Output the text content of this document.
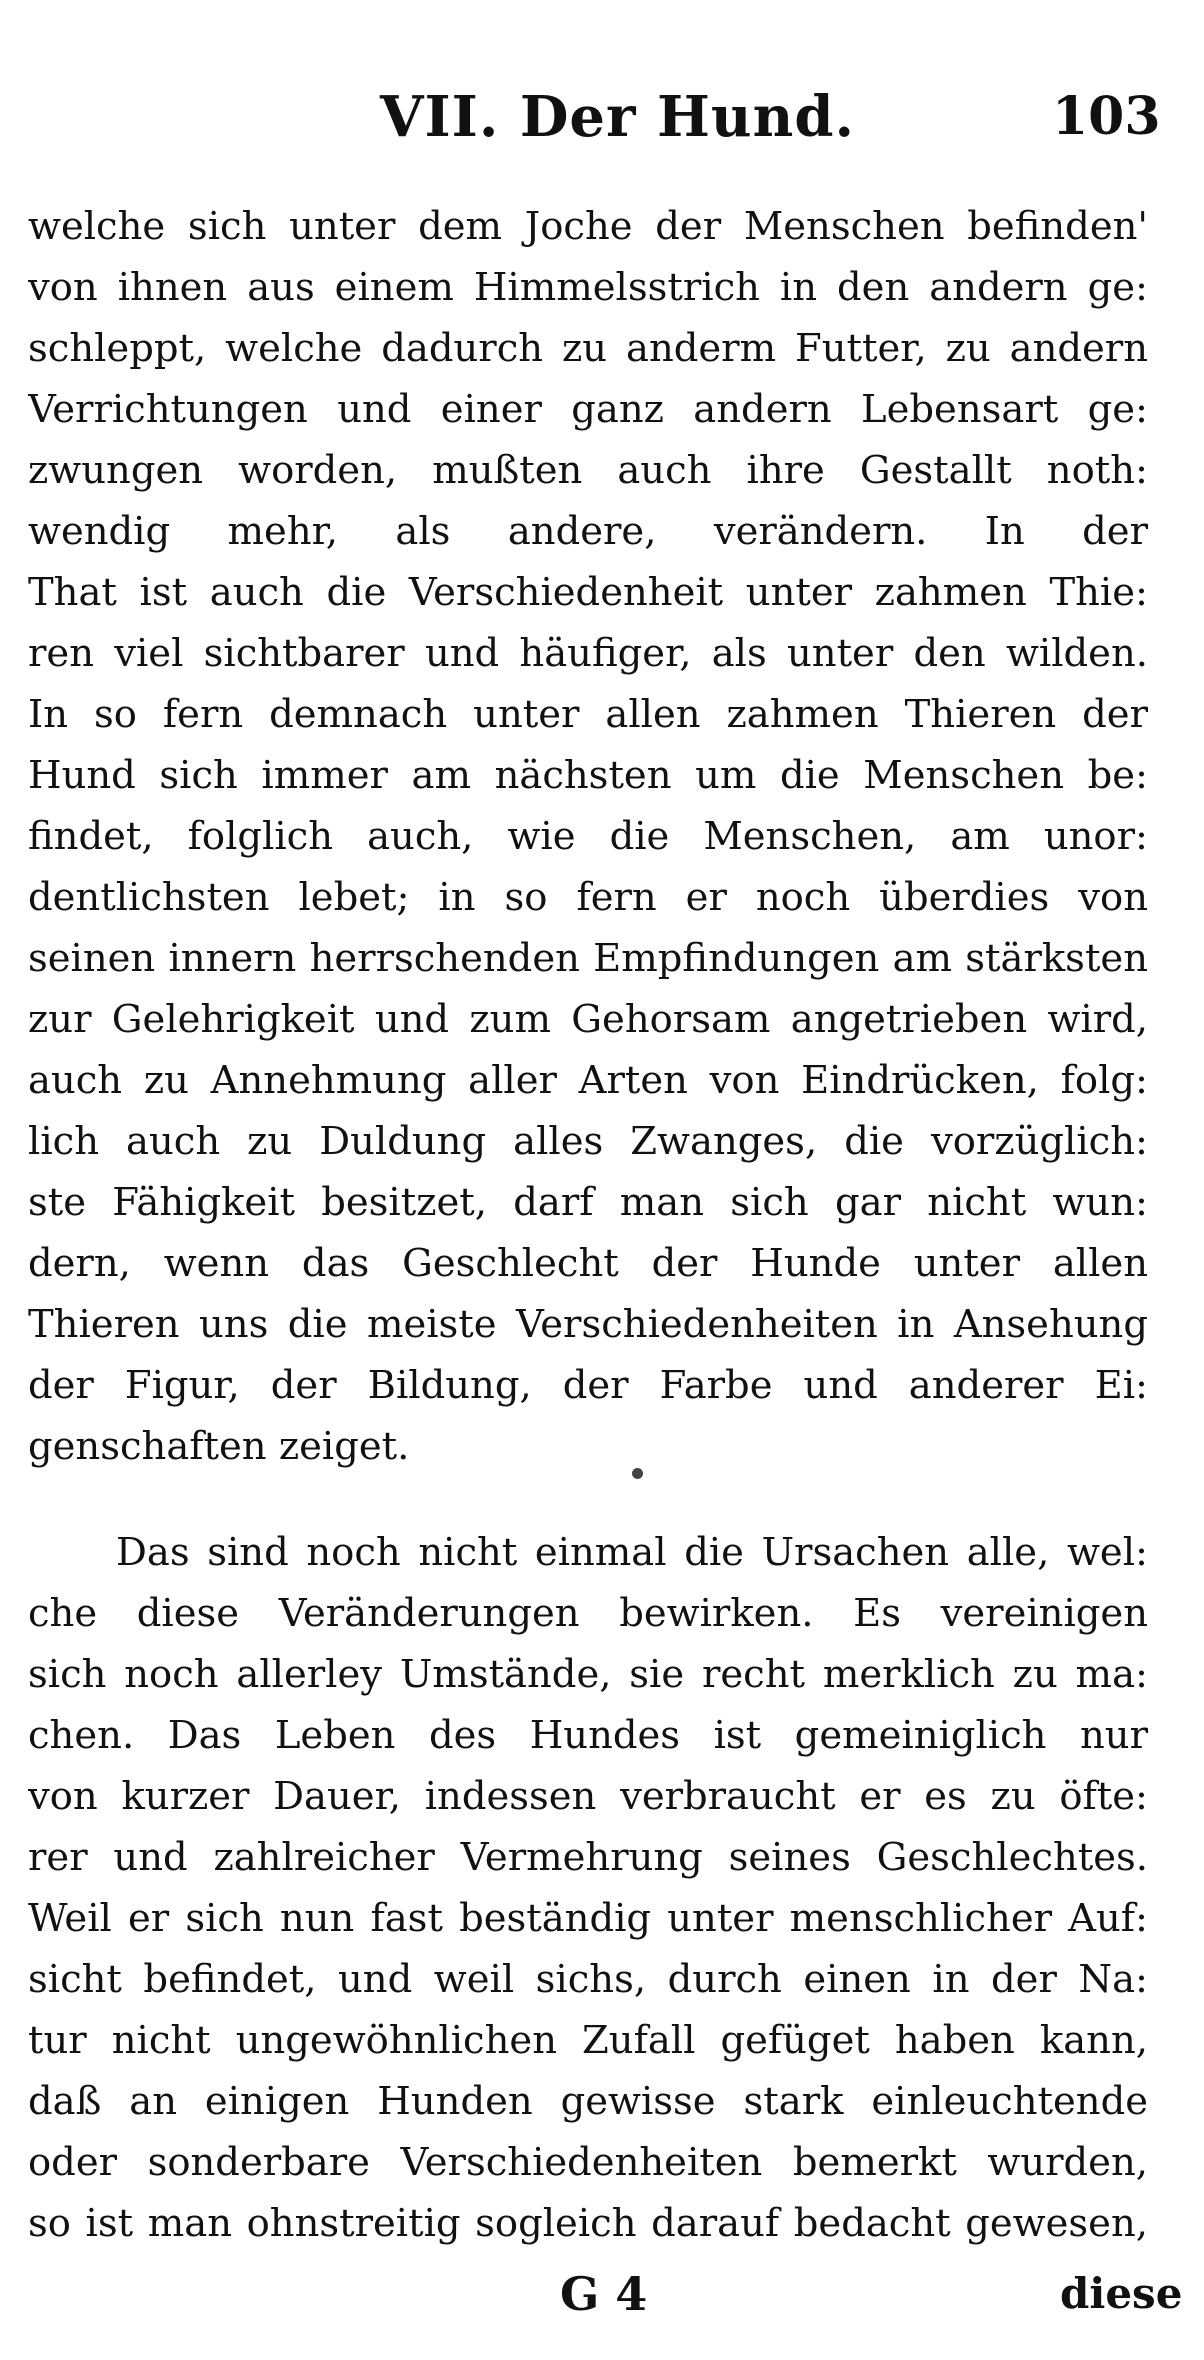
VII. Der Hund.	103
welche sich unter dem Joche der Menschen befinden'
von ihnen aus einem Himmelsstrich in den andern ge:
schleppt, welche dadurch zu anderm Futter, zu andern
Verrichtungen und einer ganz andern Lebensart ge:
zwungen worden, mußten auch ihre Gestallt noth:
wendig mehr, als andere, verändern. In der
That ist auch die Verschiedenheit unter zahmen Thie:
ren viel sichtbarer und häufiger, als unter den wilden.
In so fern demnach unter allen zahmen Thieren der
Hund sich immer am nächsten um die Menschen be:
findet, folglich auch, wie die Menschen, am unor:
dentlichsten lebet; in so fern er noch überdies von
seinen innern herrschenden Empfindungen am stärksten
zur Gelehrigkeit und zum Gehorsam angetrieben wird,
auch zu Annehmung aller Arten von Eindrücken, folg:
lich auch zu Duldung alles Zwanges, die vorzüglich:
ste Fähigkeit besitzet, darf man sich gar nicht wun:
dern, wenn das Geschlecht der Hunde unter allen
Thieren uns die meiste Verschiedenheiten in Ansehung
der Figur, der Bildung, der Farbe und anderer Ei:
genschaften zeiget.
Das sind noch nicht einmal die Ursachen alle, wel:
che diese Veränderungen bewirken. Es vereinigen
sich noch allerley Umstände, sie recht merklich zu ma:
chen. Das Leben des Hundes ist gemeiniglich nur
von kurzer Dauer, indessen verbraucht er es zu öfte:
rer und zahlreicher Vermehrung seines Geschlechtes.
Weil er sich nun fast beständig unter menschlicher Auf:
sicht befindet, und weil sichs, durch einen in der Na:
tur nicht ungewöhnlichen Zufall gefüget haben kann,
daß an einigen Hunden gewisse stark einleuchtende
oder sonderbare Verschiedenheiten bemerkt wurden,
so ist man ohnstreitig sogleich darauf bedacht gewesen,
G 4	diese
